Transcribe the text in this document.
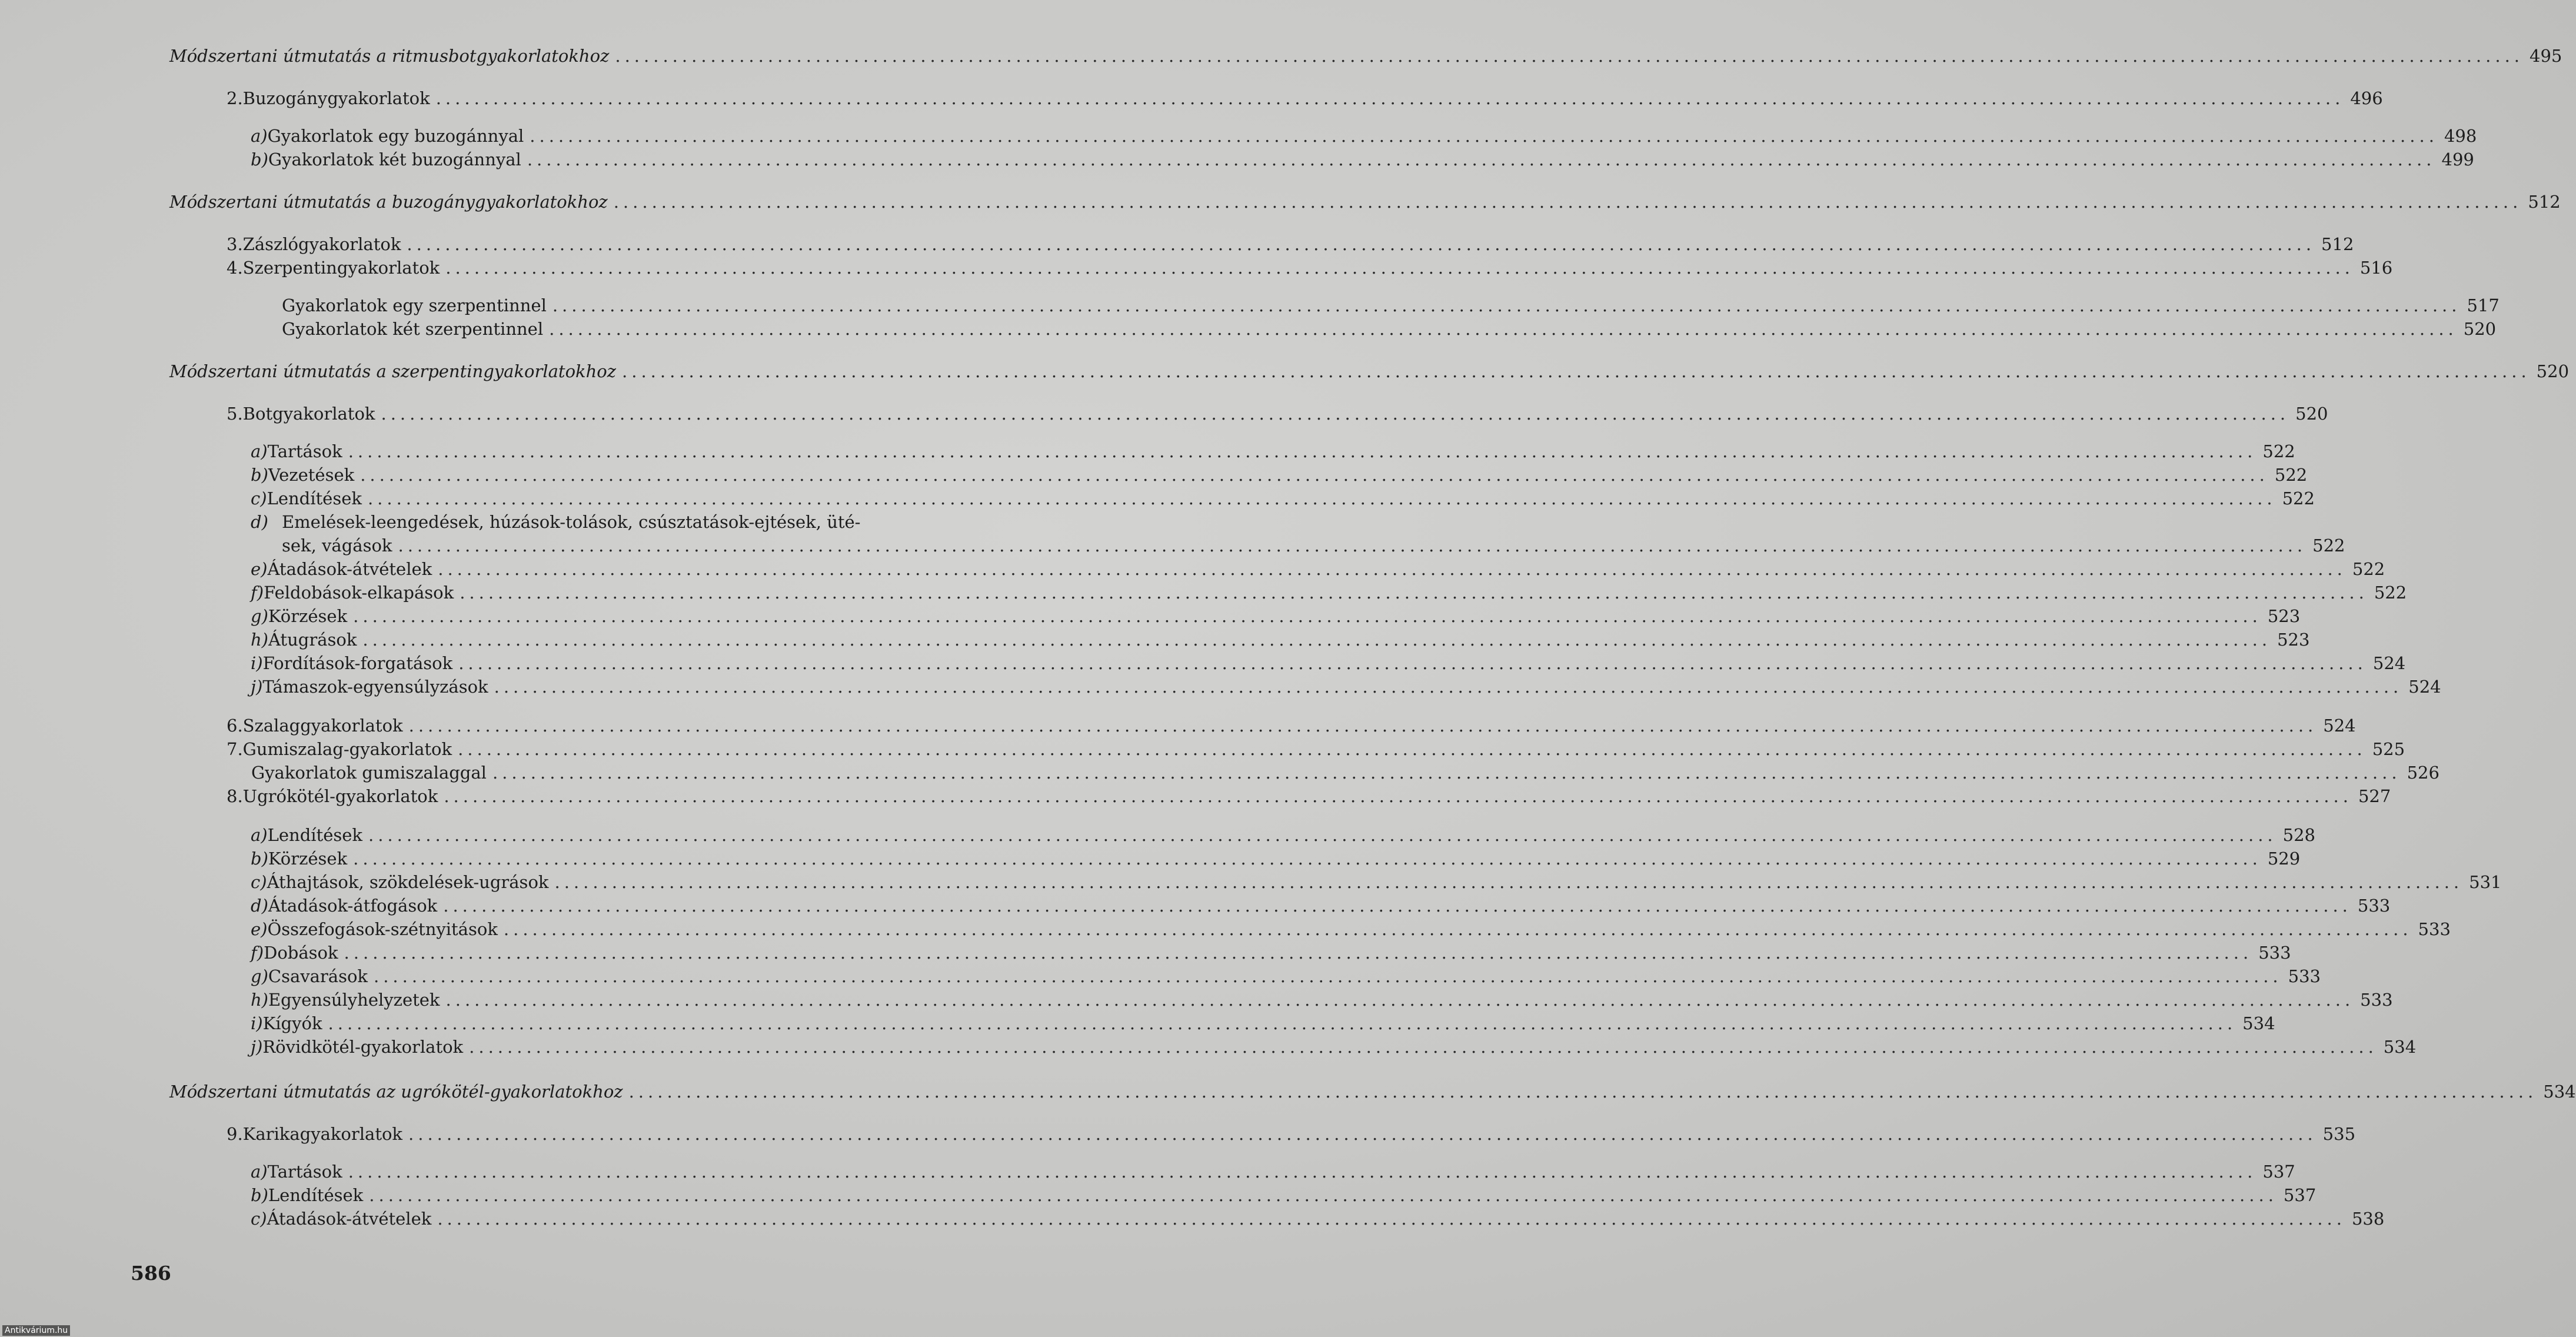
Módszertani útmutatás a ritmusbotgyakorlatokhoz ........................................................................................................................................................................................................ 495
2. Buzogánygyakorlatok ........................................................................................................................................................................................................ 496
a) Gyakorlatok egy buzogánnyal ........................................................................................................................................................................................................ 498
b) Gyakorlatok két buzogánnyal ........................................................................................................................................................................................................ 499
Módszertani útmutatás a buzogánygyakorlatokhoz ........................................................................................................................................................................................................ 512
3. Zászlógyakorlatok ........................................................................................................................................................................................................ 512
4. Szerpentingyakorlatok ........................................................................................................................................................................................................ 516
Gyakorlatok egy szerpentinnel ........................................................................................................................................................................................................ 517
Gyakorlatok két szerpentinnel ........................................................................................................................................................................................................ 520
Módszertani útmutatás a szerpentingyakorlatokhoz ........................................................................................................................................................................................................ 520
5. Botgyakorlatok ........................................................................................................................................................................................................ 520
a) Tartások ........................................................................................................................................................................................................ 522
b) Vezetések ........................................................................................................................................................................................................ 522
c) Lendítések ........................................................................................................................................................................................................ 522
d) Emelések-leengedések, húzások-tolások, csúsztatások-ejtések, üté-
sek, vágások ........................................................................................................................................................................................................ 522
e) Átadások-átvételek ........................................................................................................................................................................................................ 522
f) Feldobások-elkapások ........................................................................................................................................................................................................ 522
g) Körzések ........................................................................................................................................................................................................ 523
h) Átugrások ........................................................................................................................................................................................................ 523
i) Fordítások-forgatások ........................................................................................................................................................................................................ 524
j) Támaszok-egyensúlyzások ........................................................................................................................................................................................................ 524
6. Szalaggyakorlatok ........................................................................................................................................................................................................ 524
7. Gumiszalag-gyakorlatok ........................................................................................................................................................................................................ 525
Gyakorlatok gumiszalaggal ........................................................................................................................................................................................................ 526
8. Ugrókötél-gyakorlatok ........................................................................................................................................................................................................ 527
a) Lendítések ........................................................................................................................................................................................................ 528
b) Körzések ........................................................................................................................................................................................................ 529
c) Áthajtások, szökdelések-ugrások ........................................................................................................................................................................................................ 531
d) Átadások-átfogások ........................................................................................................................................................................................................ 533
e) Összefogások-szétnyitások ........................................................................................................................................................................................................ 533
f) Dobások ........................................................................................................................................................................................................ 533
g) Csavarások ........................................................................................................................................................................................................ 533
h) Egyensúlyhelyzetek ........................................................................................................................................................................................................ 533
i) Kígyók ........................................................................................................................................................................................................ 534
j) Rövidkötél-gyakorlatok ........................................................................................................................................................................................................ 534
Módszertani útmutatás az ugrókötél-gyakorlatokhoz ........................................................................................................................................................................................................ 534
9. Karikagyakorlatok ........................................................................................................................................................................................................ 535
a) Tartások ........................................................................................................................................................................................................ 537
b) Lendítések ........................................................................................................................................................................................................ 537
c) Átadások-átvételek ........................................................................................................................................................................................................ 538
586
Antikvárium.hu
